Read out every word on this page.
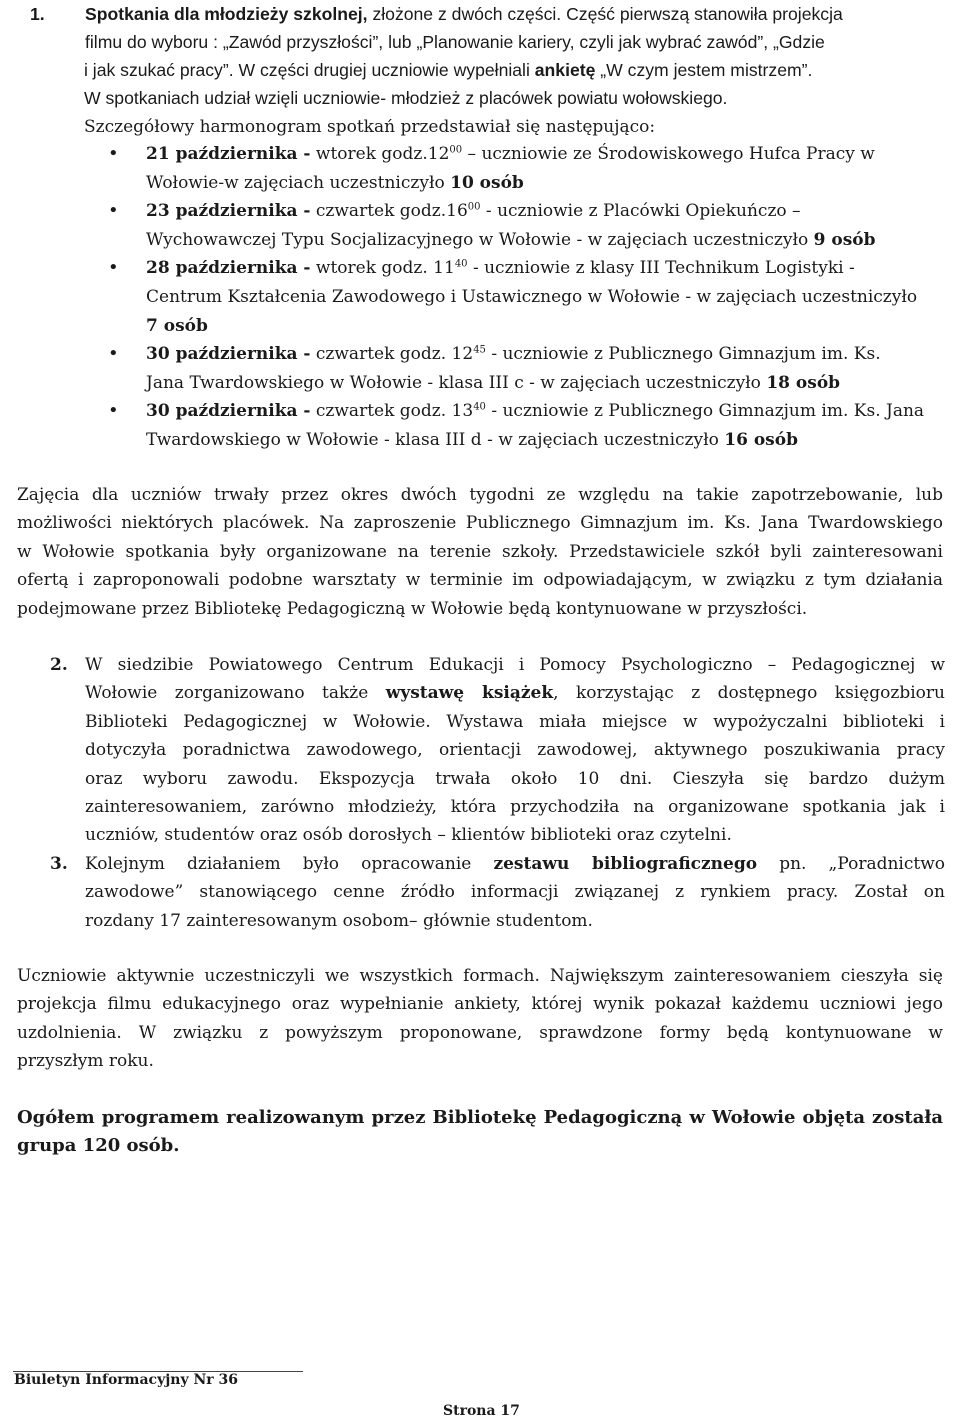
1. Spotkania dla młodzieży szkolnej, złożone z dwóch części. Część pierwszą stanowiła projekcja
filmu do wyboru : „Zawód przyszłości”, lub „Planowanie kariery, czyli jak wybrać zawód”, „Gdzie
i jak szukać pracy”. W części drugiej uczniowie wypełniali ankietę „W czym jestem mistrzem”.
W spotkaniach udział wzięli uczniowie- młodzież z placówek powiatu wołowskiego.
Szczegółowy harmonogram spotkań przedstawiał się następująco:
• 21 października - wtorek $godz.12^{00}$ – uczniowie ze Środowiskowego Hufca Pracy w
Wołowie-w zajęciach uczestniczyło 10 osób
• 23 października - czwartek $godz.16^{00}$ - uczniowie z Placówki Opiekuńczo –
Wychowawczej Typu Socjalizacyjnego w Wołowie - w zajęciach uczestniczyło 9 osób
• 28 października - wtorek godz. $11^{40}$ - uczniowie z klasy III Technikum Logistyki -
Centrum Kształcenia Zawodowego i Ustawicznego w Wołowie - w zajęciach uczestniczyło
7 osób
• 30 października - czwartek godz. $12^{45}$ - uczniowie z Publicznego Gimnazjum im. Ks.
Jana Twardowskiego w Wołowie - klasa III c - w zajęciach uczestniczyło 18 osób
• 30 października - czwartek godz. $13^{40}$ - uczniowie z Publicznego Gimnazjum im. Ks. Jana
Twardowskiego w Wołowie - klasa III d - w zajęciach uczestniczyło 16 osób
Zajęcia dla uczniów trwały przez okres dwóch tygodni ze względu na takie zapotrzebowanie, lub
możliwości niektórych placówek. Na zaproszenie Publicznego Gimnazjum im. Ks. Jana Twardowskiego
w Wołowie spotkania były organizowane na terenie szkoły. Przedstawiciele szkół byli zainteresowani
ofertą i zaproponowali podobne warsztaty w terminie im odpowiadającym, w związku z tym działania
podejmowane przez Bibliotekę Pedagogiczną w Wołowie będą kontynuowane w przyszłości.
2. W siedzibie Powiatowego Centrum Edukacji i Pomocy Psychologiczno – Pedagogicznej w
Wołowie zorganizowano także wystawę książek, korzystając z dostępnego księgozbioru
Biblioteki Pedagogicznej w Wołowie. Wystawa miała miejsce w wypożyczalni biblioteki i
dotyczyła poradnictwa zawodowego, orientacji zawodowej, aktywnego poszukiwania pracy
oraz wyboru zawodu. Ekspozycja trwała około 10 dni. Cieszyła się bardzo dużym
zainteresowaniem, zarówno młodzieży, która przychodziła na organizowane spotkania jak i
uczniów, studentów oraz osób dorosłych – klientów biblioteki oraz czytelni.
3. Kolejnym działaniem było opracowanie zestawu bibliograficznego pn. „Poradnictwo
zawodowe” stanowiącego cenne źródło informacji związanej z rynkiem pracy. Został on
rozdany 17 zainteresowanym osobom– głównie studentom.
Uczniowie aktywnie uczestniczyli we wszystkich formach. Największym zainteresowaniem cieszyła się
projekcja filmu edukacyjnego oraz wypełnianie ankiety, której wynik pokazał każdemu uczniowi jego
uzdolnienia. W związku z powyższym proponowane, sprawdzone formy będą kontynuowane w
przyszłym roku.
Ogółem programem realizowanym przez Bibliotekę Pedagogiczną w Wołowie objęta została
grupa 120 osób.
Biuletyn Informacyjny Nr 36
Strona 17
